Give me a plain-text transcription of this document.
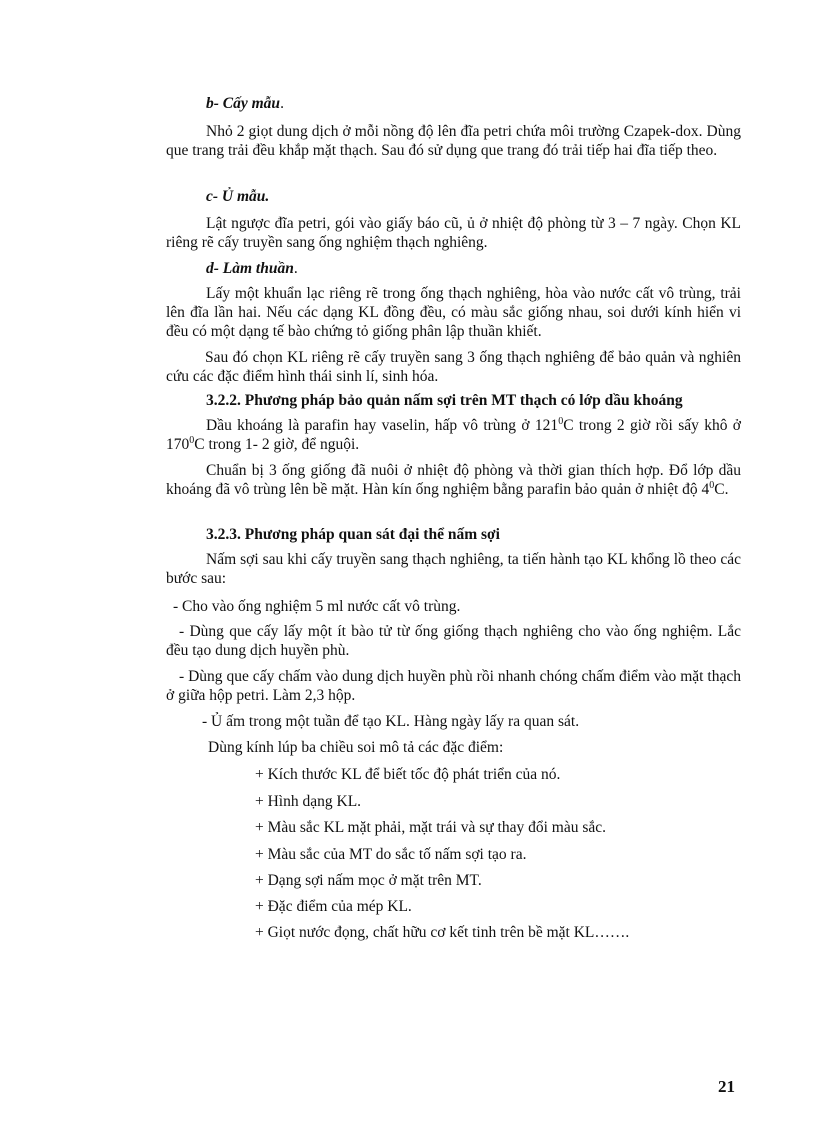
b- Cấy mẫu.

Nhỏ 2 giọt dung dịch ở mỗi nồng độ lên đĩa petri chứa môi trường Czapek-dox. Dùng que trang trải đều khắp mặt thạch. Sau đó sử dụng que trang đó trải tiếp hai đĩa tiếp theo.

c- Ủ mẫu.

Lật ngược đĩa petri, gói vào giấy báo cũ, ủ ở nhiệt độ phòng từ 3 – 7 ngày. Chọn KL riêng rẽ cấy truyền sang ống nghiệm thạch nghiêng.

d- Làm thuần.

Lấy một khuẩn lạc riêng rẽ trong ống thạch nghiêng, hòa vào nước cất vô trùng, trải lên đĩa lần hai. Nếu các dạng KL đồng đều, có màu sắc giống nhau, soi dưới kính hiển vi đều có một dạng tế bào chứng tỏ giống phân lập thuần khiết.

Sau đó chọn KL riêng rẽ cấy truyền sang 3 ống thạch nghiêng để bảo quản và nghiên cứu các đặc điểm hình thái sinh lí, sinh hóa.

3.2.2. Phương pháp bảo quản nấm sợi trên MT thạch có lớp dầu khoáng

Dầu khoáng là parafin hay vaselin, hấp vô trùng ở $121^0C$ trong 2 giờ rồi sấy khô ở $170^0C$ trong 1- 2 giờ, để nguội.

Chuẩn bị 3 ống giống đã nuôi ở nhiệt độ phòng và thời gian thích hợp. Đổ lớp dầu khoáng đã vô trùng lên bề mặt. Hàn kín ống nghiệm bằng parafin bảo quản ở nhiệt độ $4^0C$.

3.2.3. Phương pháp quan sát đại thể nấm sợi

Nấm sợi sau khi cấy truyền sang thạch nghiêng, ta tiến hành tạo KL khổng lồ theo các bước sau:

- Cho vào ống nghiệm 5 ml nước cất vô trùng.

- Dùng que cấy lấy một ít bào tử từ ống giống thạch nghiêng cho vào ống nghiệm. Lắc đều tạo dung dịch huyền phù.

- Dùng que cấy chấm vào dung dịch huyền phù rồi nhanh chóng chấm điểm vào mặt thạch ở giữa hộp petri. Làm 2,3 hộp.

- Ủ ấm trong một tuần để tạo KL. Hàng ngày lấy ra quan sát.

Dùng kính lúp ba chiều soi mô tả các đặc điểm:

+ Kích thước KL để biết tốc độ phát triển của nó.

+ Hình dạng KL.

+ Màu sắc KL mặt phải, mặt trái và sự thay đổi màu sắc.

+ Màu sắc của MT do sắc tố nấm sợi tạo ra.

+ Dạng sợi nấm mọc ở mặt trên MT.

+ Đặc điểm của mép KL.

+ Giọt nước đọng, chất hữu cơ kết tinh trên bề mặt KL…….

21
